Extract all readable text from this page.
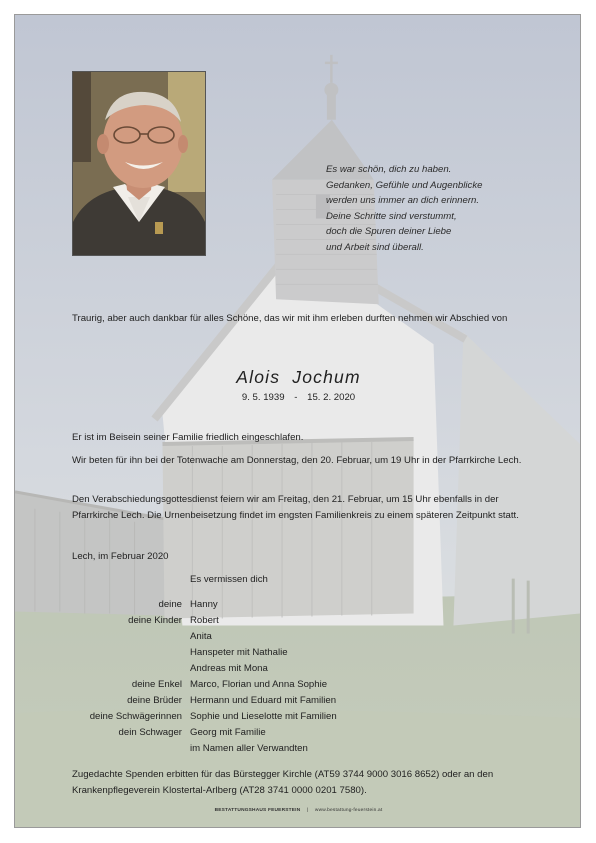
Es war schön, dich zu haben.
Gedanken, Gefühle und Augenblicke
werden uns immer an dich erinnern.
Deine Schritte sind verstummt,
doch die Spuren deiner Liebe
und Arbeit sind überall.
Traurig, aber auch dankbar für alles Schöne, das wir mit ihm erleben durften nehmen wir Abschied von
Alois  Jochum
9. 5. 1939 - 15. 2. 2020
Er ist im Beisein seiner Familie friedlich eingeschlafen.
Wir beten für ihn bei der Totenwache am Donnerstag, den 20. Februar, um 19 Uhr in der Pfarrkirche Lech.
Den Verabschiedungsgottesdienst feiern wir am Freitag, den 21. Februar, um 15 Uhr ebenfalls in der Pfarrkirche Lech. Die Urnenbeisetzung findet im engsten Familienkreis zu einem späteren Zeitpunkt statt.
Lech, im Februar 2020
Es vermissen dich
deine Hanny
deine Kinder Robert
Anita
Hanspeter mit Nathalie
Andreas mit Mona
deine Enkel Marco, Florian und Anna Sophie
deine Brüder Hermann und Eduard mit Familien
deine Schwägerinnen Sophie und Lieselotte mit Familien
dein Schwager Georg mit Familie
im Namen aller Verwandten
Zugedachte Spenden erbitten für das Bürstegger Kirchle (AT59 3744 9000 3016 8652) oder an den Krankenpflegeverein Klostertal-Arlberg (AT28 3741 0000 0201 7580).
BESTATTUNGSHAUS FEUERSTEIN | www.bestattung-feuerstein.at
